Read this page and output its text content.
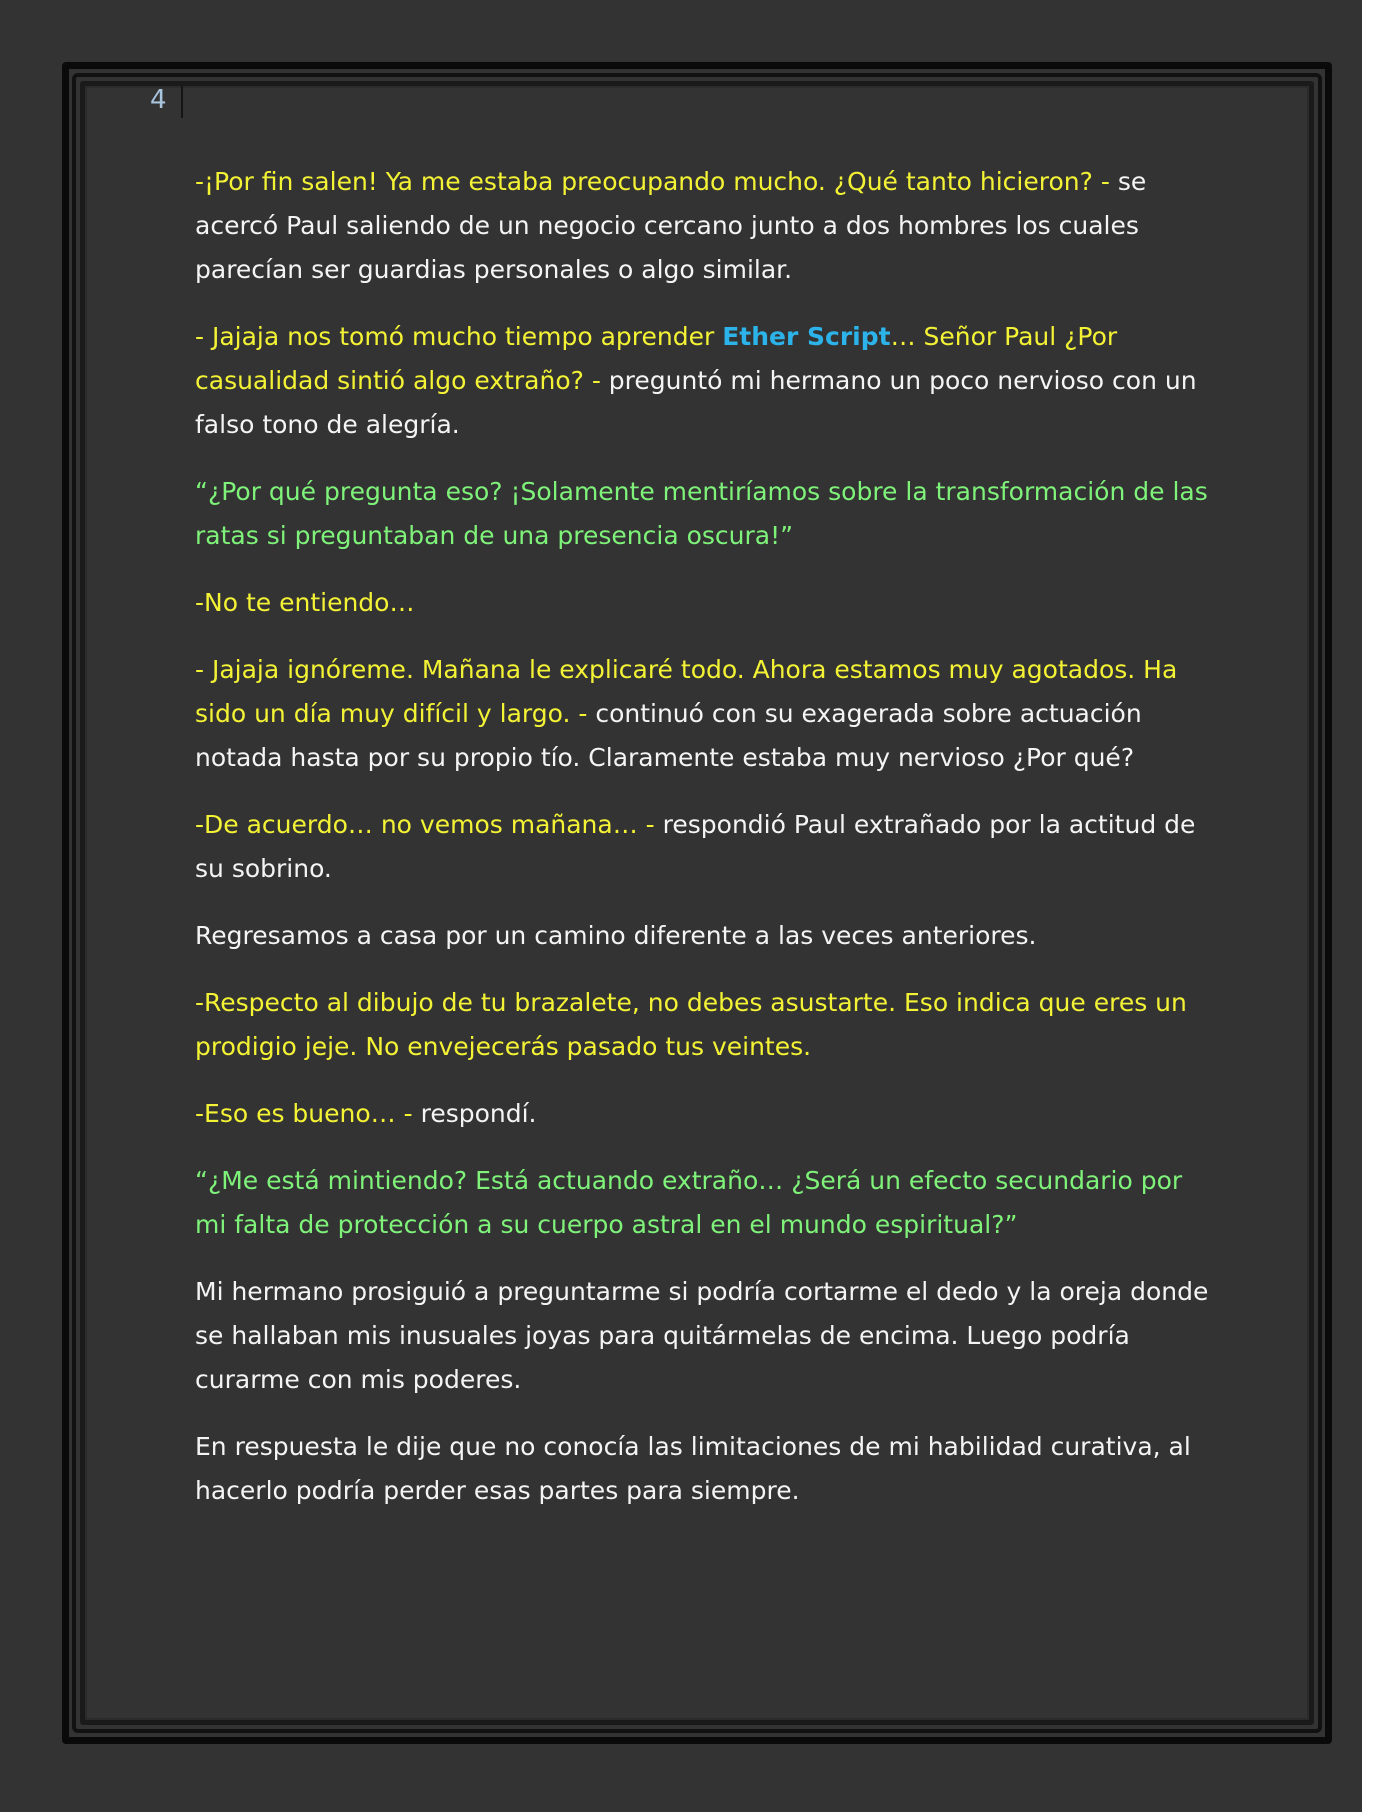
4

-¡Por fin salen! Ya me estaba preocupando mucho. ¿Qué tanto hicieron? - se acercó Paul saliendo de un negocio cercano junto a dos hombres los cuales parecían ser guardias personales o algo similar.

- Jajaja nos tomó mucho tiempo aprender Ether Script… Señor Paul ¿Por casualidad sintió algo extraño? - preguntó mi hermano un poco nervioso con un falso tono de alegría.

“¿Por qué pregunta eso? ¡Solamente mentiríamos sobre la transformación de las ratas si preguntaban de una presencia oscura!”

-No te entiendo…

- Jajaja ignóreme. Mañana le explicaré todo. Ahora estamos muy agotados. Ha sido un día muy difícil y largo. - continuó con su exagerada sobre actuación notada hasta por su propio tío. Claramente estaba muy nervioso ¿Por qué?

-De acuerdo… no vemos mañana… - respondió Paul extrañado por la actitud de su sobrino.

Regresamos a casa por un camino diferente a las veces anteriores.

-Respecto al dibujo de tu brazalete, no debes asustarte. Eso indica que eres un prodigio jeje. No envejecerás pasado tus veintes.

-Eso es bueno… - respondí.

“¿Me está mintiendo? Está actuando extraño… ¿Será un efecto secundario por mi falta de protección a su cuerpo astral en el mundo espiritual?”

Mi hermano prosiguió a preguntarme si podría cortarme el dedo y la oreja donde se hallaban mis inusuales joyas para quitármelas de encima. Luego podría curarme con mis poderes.

En respuesta le dije que no conocía las limitaciones de mi habilidad curativa, al hacerlo podría perder esas partes para siempre.
